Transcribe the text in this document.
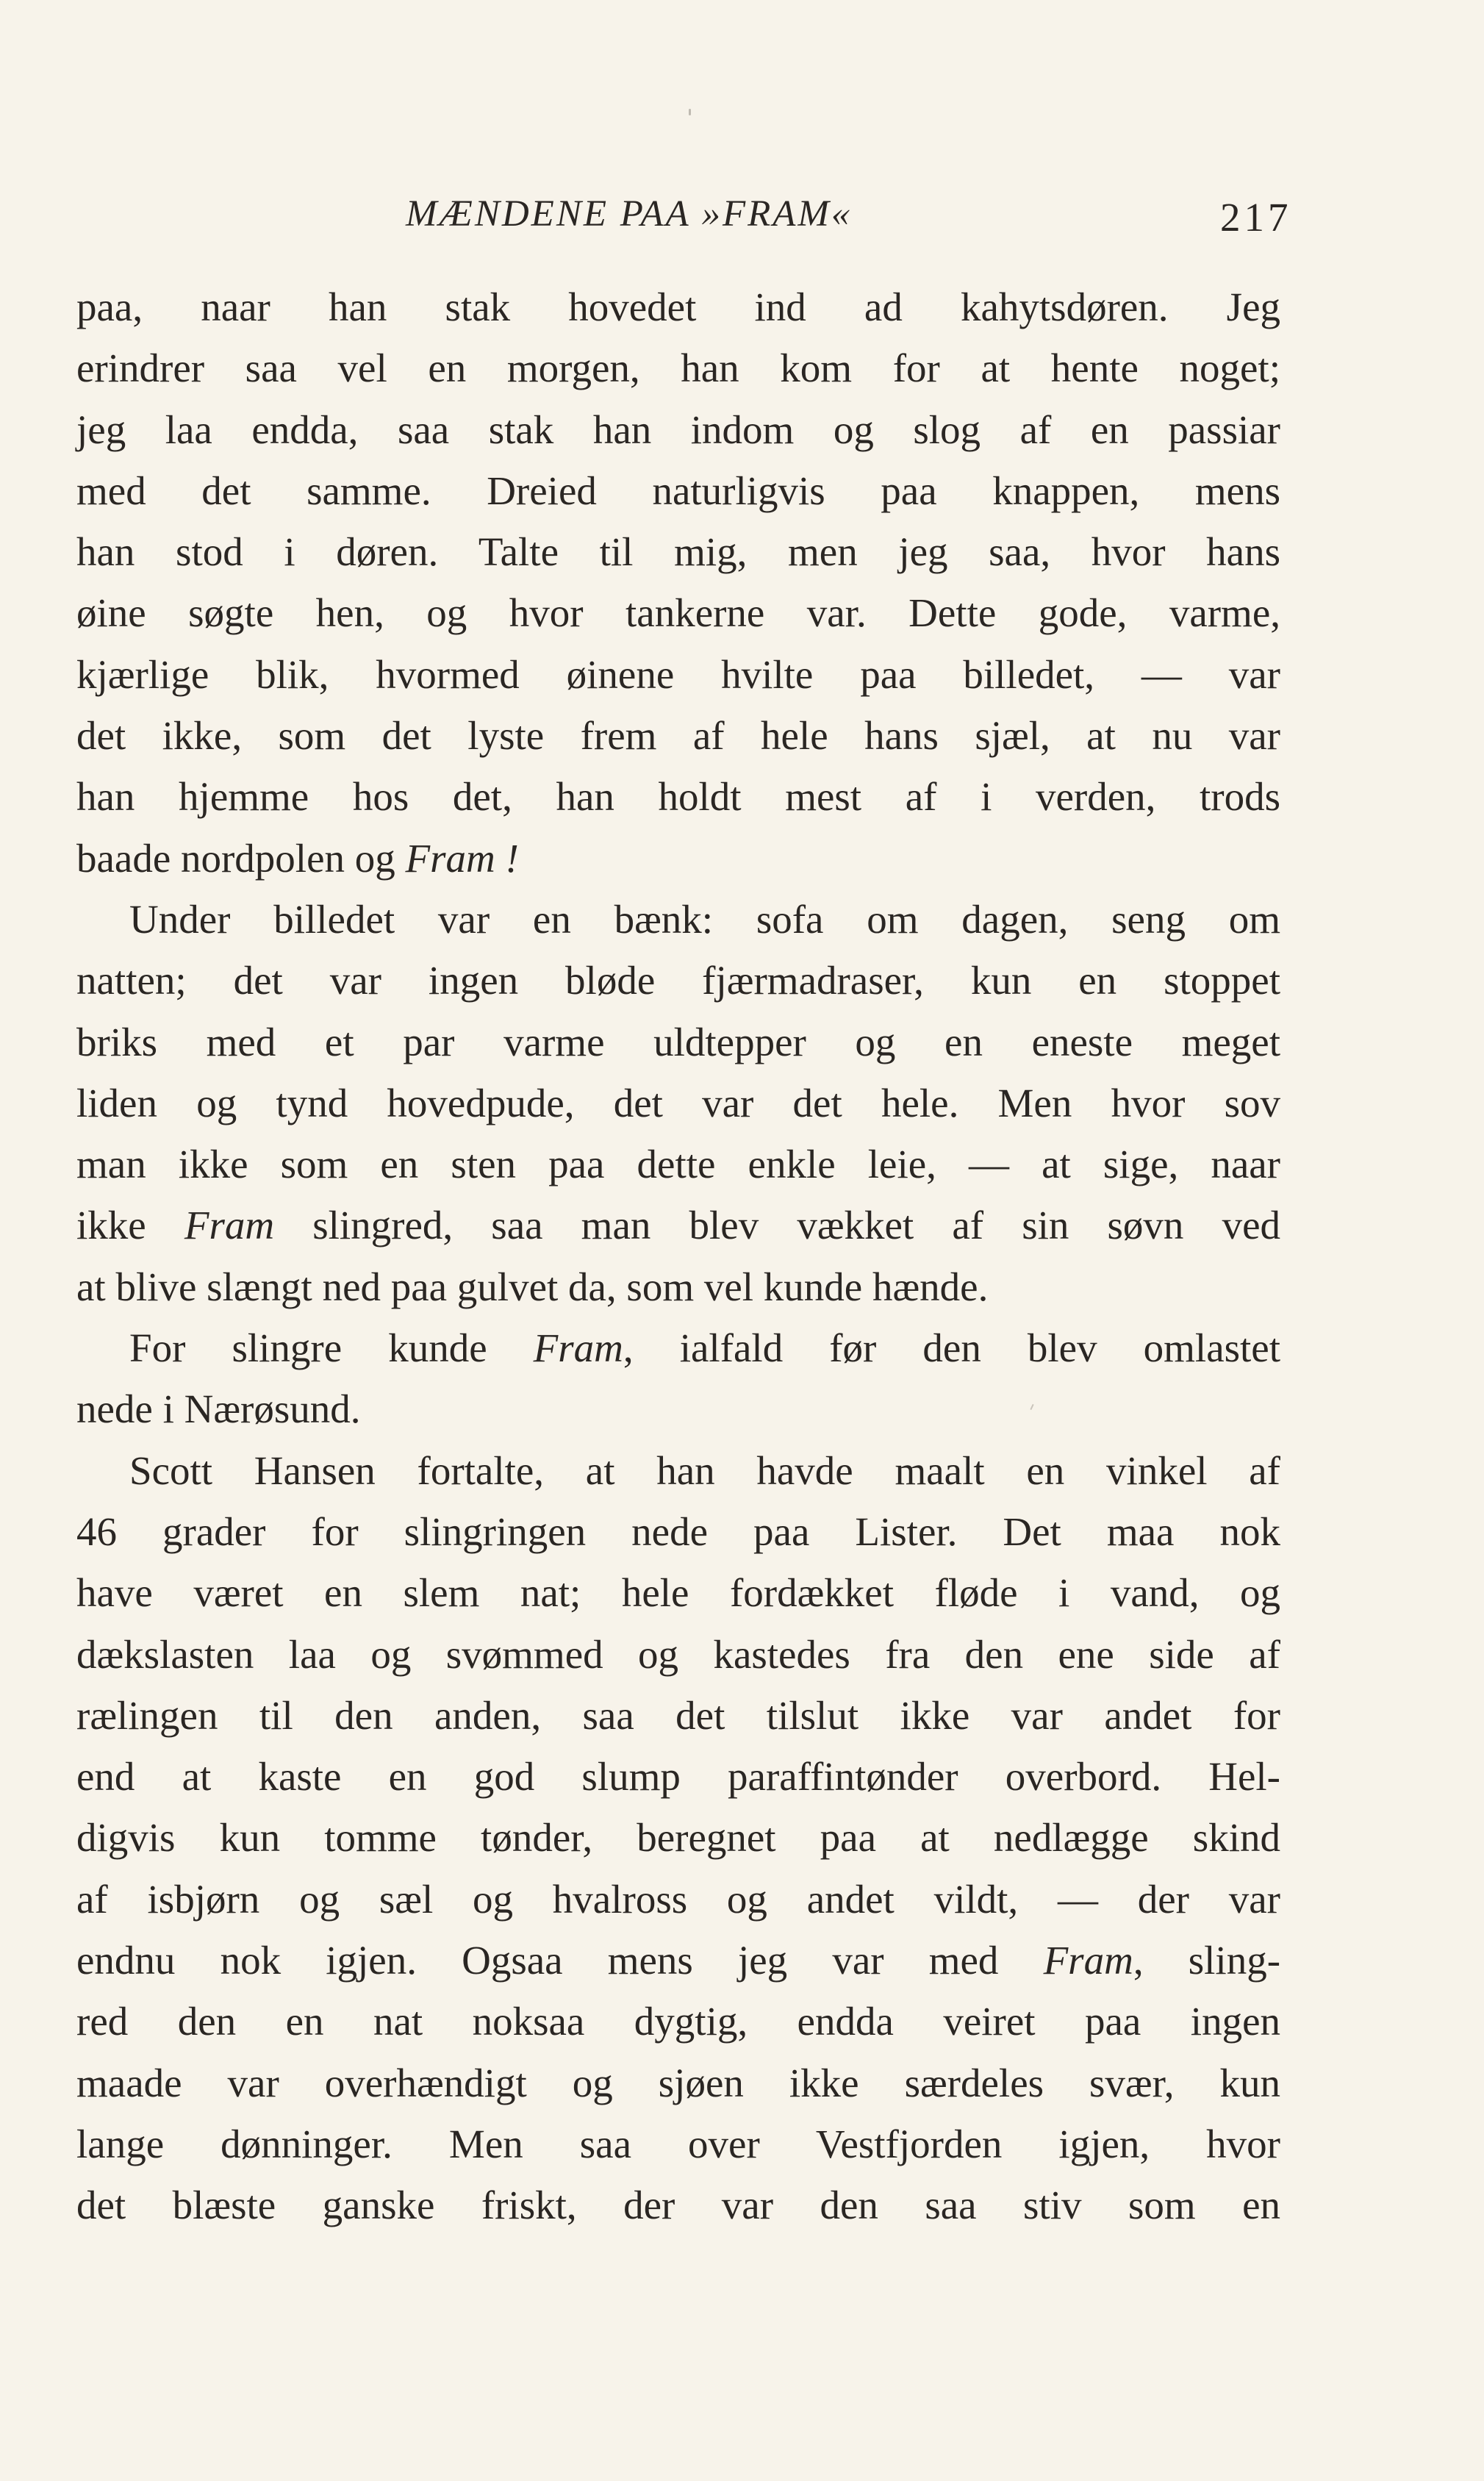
MÆNDENE PAA »FRAM«	217
paa, naar han stak hovedet ind ad kahytsdøren. Jeg
erindrer saa vel en morgen, han kom for at hente noget;
jeg laa endda, saa stak han indom og slog af en passiar
med det samme. Dreied naturligvis paa knappen, mens
han stod i døren. Talte til mig, men jeg saa, hvor hans
øine søgte hen, og hvor tankerne var. Dette gode, varme,
kjærlige blik, hvormed øinene hvilte paa billedet, — var
det ikke, som det lyste frem af hele hans sjæl, at nu var
han hjemme hos det, han holdt mest af i verden, trods
baade nordpolen og Fram !
Under billedet var en bænk: sofa om dagen, seng om
natten; det var ingen bløde fjærmadraser, kun en stoppet
briks med et par varme uldtepper og en eneste meget
liden og tynd hovedpude, det var det hele. Men hvor sov
man ikke som en sten paa dette enkle leie, — at sige, naar
ikke Fram slingred, saa man blev vækket af sin søvn ved
at blive slængt ned paa gulvet da, som vel kunde hænde.
For slingre kunde Fram, ialfald før den blev omlastet
nede i Nærøsund.
Scott Hansen fortalte, at han havde maalt en vinkel af
46 grader for slingringen nede paa Lister. Det maa nok
have været en slem nat; hele fordækket fløde i vand, og
dækslasten laa og svømmed og kastedes fra den ene side af
rælingen til den anden, saa det tilslut ikke var andet for
end at kaste en god slump paraffintønder overbord. Hel-
digvis kun tomme tønder, beregnet paa at nedlægge skind
af isbjørn og sæl og hvalross og andet vildt, — der var
endnu nok igjen. Ogsaa mens jeg var med Fram, sling-
red den en nat noksaa dygtig, endda veiret paa ingen
maade var overhændigt og sjøen ikke særdeles svær, kun
lange dønninger. Men saa over Vestfjorden igjen, hvor
det blæste ganske friskt, der var den saa stiv som en
